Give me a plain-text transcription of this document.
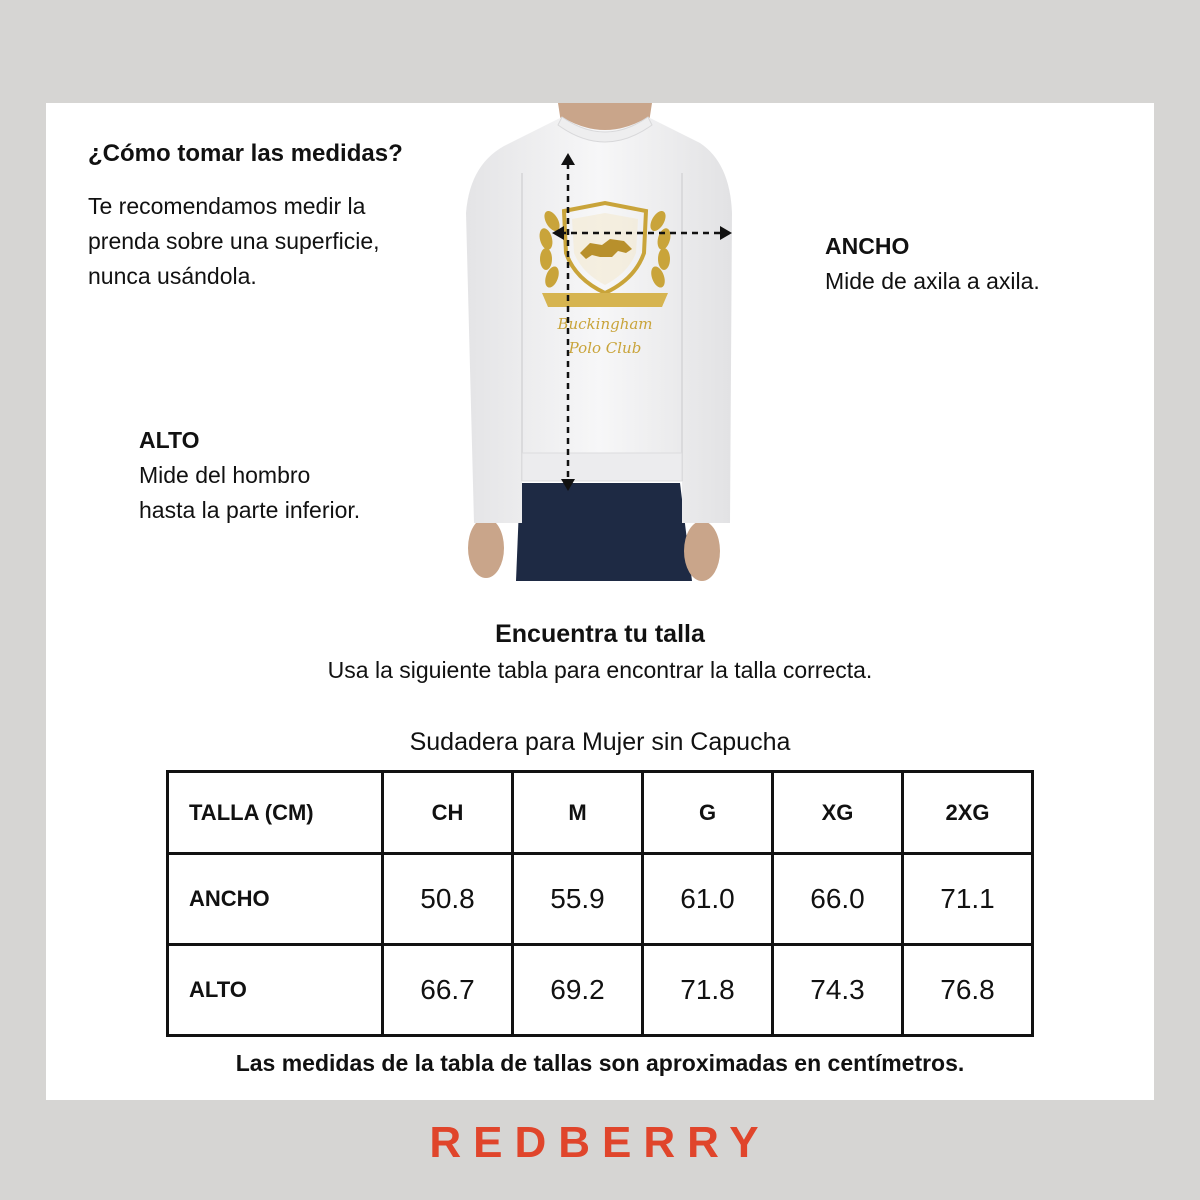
¿Cómo tomar las medidas?
Te recomendamos medir la
prenda sobre una superficie,
nunca usándola.
Buckingham
Polo Club
ANCHO
Mide de axila a axila.
ALTO
Mide del hombro
hasta la parte inferior.
Encuentra tu talla
Usa la siguiente tabla para encontrar la talla correcta.
Sudadera para Mujer sin Capucha
TALLA (CM)	CH	M	G	XG	2XG
ANCHO	50.8	55.9	61.0	66.0	71.1
ALTO	66.7	69.2	71.8	74.3	76.8
Las medidas de la tabla de tallas son aproximadas en centímetros.
REDBERRY
